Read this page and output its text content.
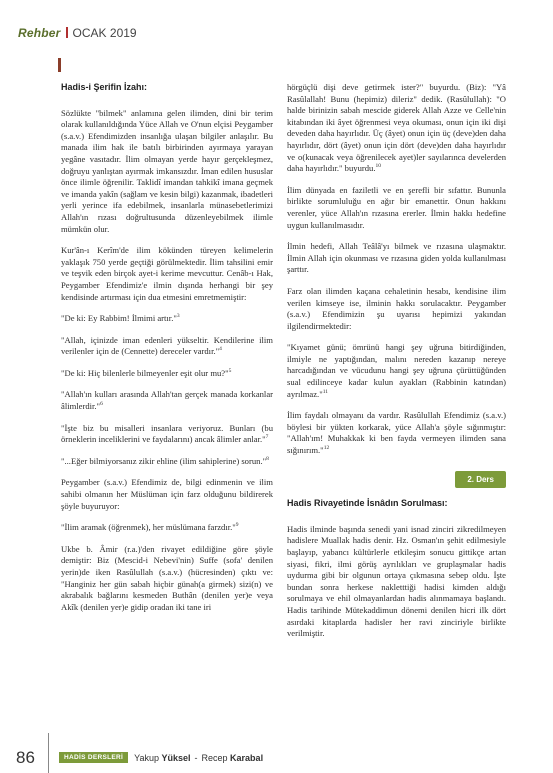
Rehber OCAK 2019

Hadis-i Şerifin İzahı:

Sözlükte "bilmek" anlamına gelen ilimden, dini bir terim olarak kullanıldığında Yüce Allah ve O'nun elçisi Peygamber (s.a.v.) Efendimizden insanlığa ulaşan bilgiler anlaşılır. Bu manada ilim hak ile batılı birbirinden ayırmaya yarayan yegâne vasıtadır. İlim olmayan yerde hayır gerçekleşmez, doğruyu yanlıştan ayırmak imkansızdır. İman edilen hususlar önce ilimle öğrenilir. Taklidî imandan tahkikî imana geçmek ve imanda yakîn (sağlam ve kesin bilgi) kazanmak, ibadetleri yerli yerince ifa edebilmek, insanlarla münasebetlerimizi Allah'ın rızası doğrultusunda düzenleyebilmek ilimle mümkün olur.

Kur'ân-ı Kerîm'de ilim kökünden türeyen kelimelerin yaklaşık 750 yerde geçtiği görülmektedir. İlim tahsilini emir ve teşvik eden birçok ayet-i kerime mevcuttur. Cenâb-ı Hak, Peygamber Efendimiz'e ilmin dışında herhangi bir şey kendisinde artırması için dua etmesini emretmemiştir:

"De ki: Ey Rabbim! İlmimi artır."$^3$

"Allah, içinizde iman edenleri yükseltir. Kendilerine ilim verilenler için de (Cennette) dereceler vardır."$^4$

"De ki: Hiç bilenlerle bilmeyenler eşit olur mu?"$^5$

"Allah'ın kulları arasında Allah'tan gerçek manada korkanlar âlimlerdir."$^6$

"İşte biz bu misalleri insanlara veriyoruz. Bunları (bu örneklerin inceliklerini ve faydalarını) ancak âlimler anlar."$^7$

"...Eğer bilmiyorsanız zikir ehline (ilim sahiplerine) sorun."$^8$

Peygamber (s.a.v.) Efendimiz de, bilgi edinmenin ve ilim sahibi olmanın her Müslüman için farz olduğunu bildirerek şöyle buyuruyor:

"İlim aramak (öğrenmek), her müslümana farzdır."$^9$

Ukbe b. Âmir (r.a.)'den rivayet edildiğine göre şöyle demiştir: Biz (Mescid-i Nebevi'nin) Suffe (sofa' denilen yerin)de iken Rasûlullah (s.a.v.) (hücresinden) çıktı ve: "Hanginiz her gün sabah hiçbir günah(a girmek) sizi(n) ve akrabalık bağlarını kesmeden Buthân (denilen yer)e veya Akîk (denilen yer)e gidip oradan iki tane iri

hörgüçlü dişi deve getirmek ister?" buyurdu. (Biz): "Yâ Rasûlallah! Bunu (hepimiz) dileriz" dedik. (Rasûlullah): "O halde birinizin sabah mescide giderek Allah Azze ve Celle'nin kitabından iki âyet öğrenmesi veya okuması, onun için iki dişi deveden daha hayırlıdır. Üç (âyet) onun için üç (deve)den daha hayırlıdır, dört (âyet) onun için dört (deve)den daha hayırlıdır ve o(kunacak veya öğrenilecek ayet)ler sayılarınca develerden daha hayırlıdır." buyurdu.$^{10}$

İlim dünyada en faziletli ve en şerefli bir sıfattır. Bununla birlikte sorumluluğu en ağır bir emanettir. Onun hakkını verenler, yüce Allah'ın rızasına ererler. İlmin hakkı hedefine uygun kullanılmasıdır.

İlmin hedefi, Allah Teâlâ'yı bilmek ve rızasına ulaşmaktır. İlmin Allah için okunması ve rızasına giden yolda kullanılması şarttır.

Farz olan ilimden kaçana cehaletinin hesabı, kendisine ilim verilen kimseye ise, ilminin hakkı sorulacaktır. Peygamber (s.a.v.) Efendimizin şu uyarısı hepimizi yakından ilgilendirmektedir:

"Kıyamet günü; ömrünü hangi şey uğruna bitirdiğinden, ilmiyle ne yaptığından, malını nereden kazanıp nereye harcadığından ve vücudunu hangi şey uğruna çürüttüğünden sual edilinceye kadar kulun ayakları (Rabbinin katından) ayrılmaz."$^{11}$

İlim faydalı olmayanı da vardır. Rasûlullah Efendimiz (s.a.v.) böylesi bir yükten korkarak, yüce Allah'a şöyle sığınmıştır: "Allah'ım! Muhakkak ki ben fayda vermeyen ilimden sana sığınırım."$^{12}$

2. Ders

Hadis Rivayetinde İsnâdın Sorulması:

Hadis ilminde başında senedi yani isnad zinciri zikredilmeyen hadislere Muallak hadis denir. Hz. Osman'ın şehit edilmesiyle başlayıp, yabancı kültürlerle etkileşim sonucu gittikçe artan siyasi, fikri, ilmi görüş ayrılıkları ve gruplaşmalar hadis uydurma gibi bir olgunun ortaya çıkmasına sebep oldu. İşte bundan sonra herkese nakletttiği hadisi kimden aldığı sorulmaya ve ehil olmayanlardan hadis alınmamaya başlandı. Hadis tarihinde Mütekaddimun dönemi denilen hicri ilk dört asırdaki kitaplarda hadisler her ravi zinciriyle birlikte verilmiştir.

86	HADİS DERSLERİ	Yakup
Yüksel - Recep
Karabal
